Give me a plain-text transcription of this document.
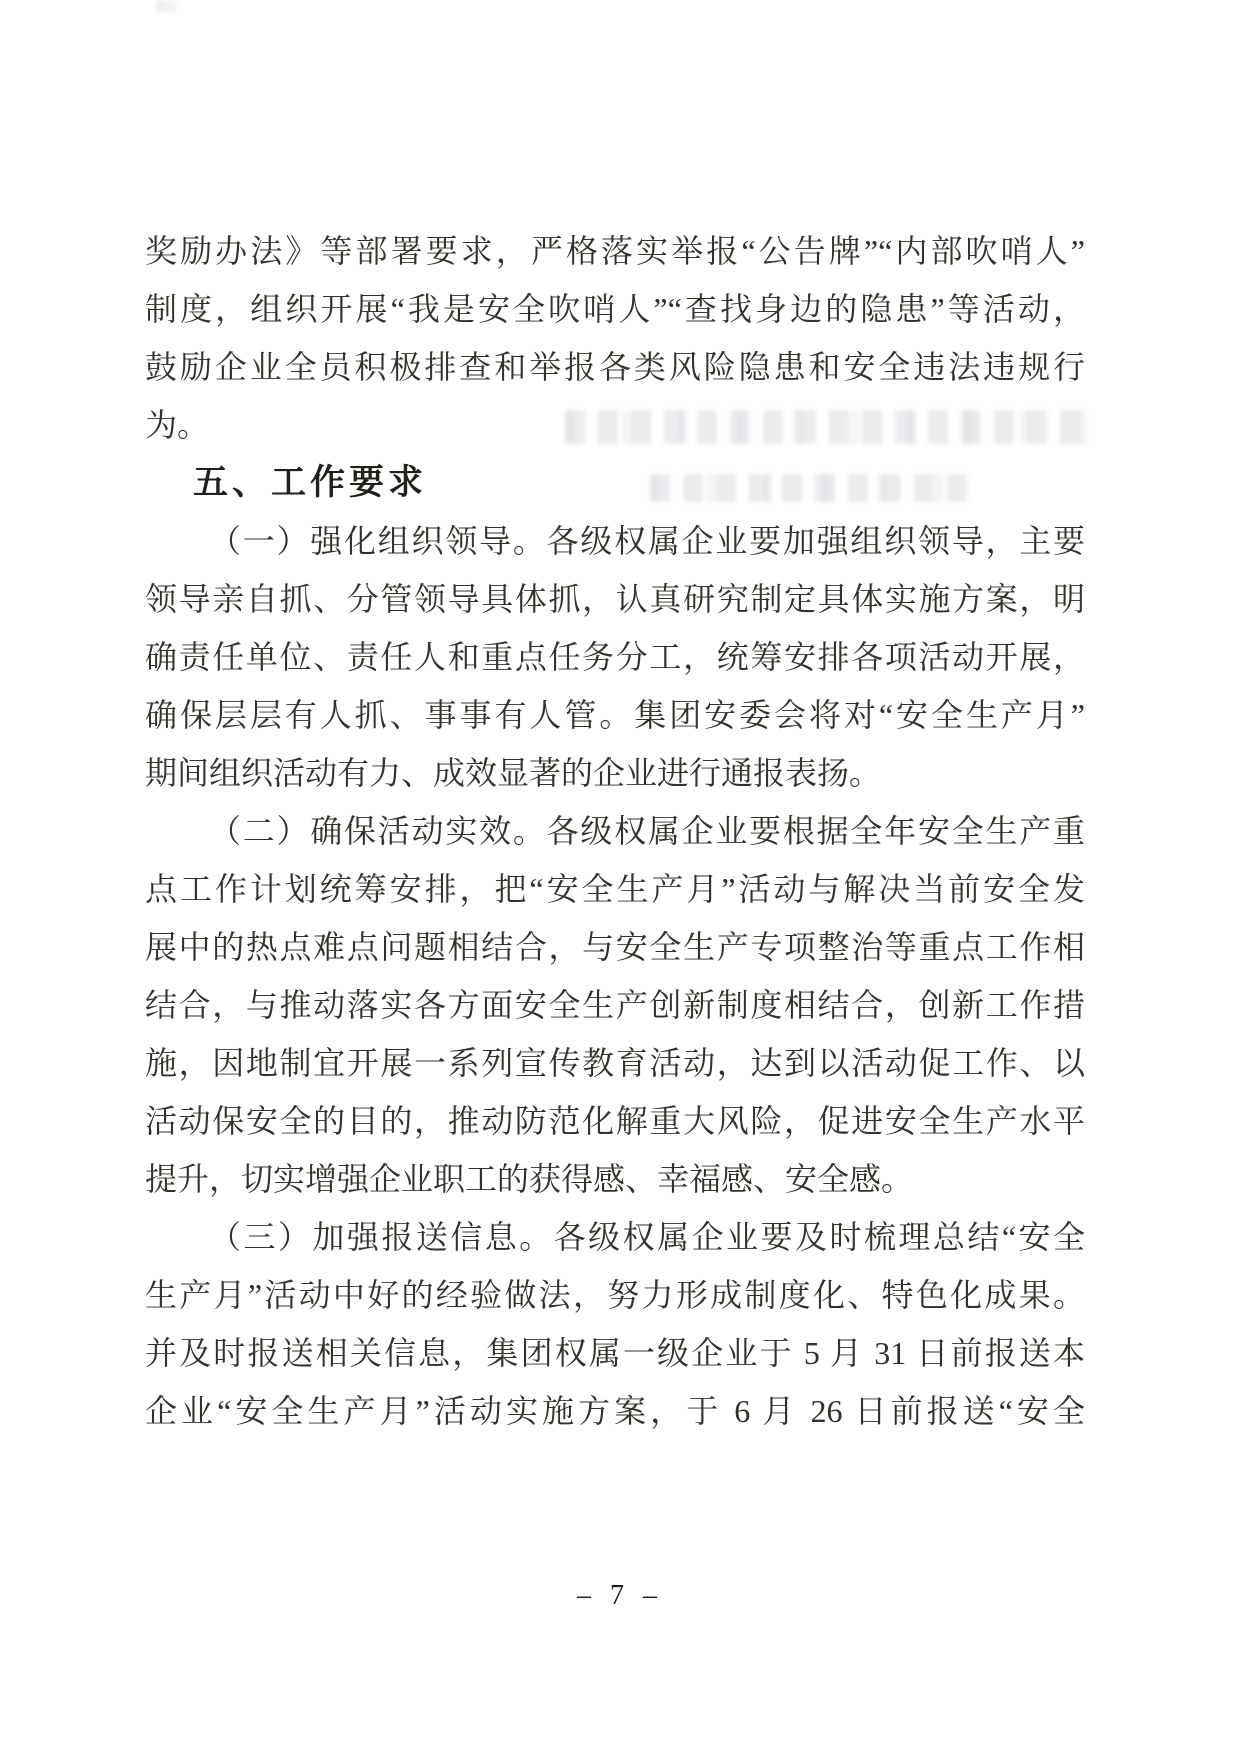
奖励办法》等部署要求，严格落实举报“公告牌”“内部吹哨人”
制度，组织开展“我是安全吹哨人”“查找身边的隐患”等活动，
鼓励企业全员积极排查和举报各类风险隐患和安全违法违规行
为。
五、工作要求
（一）强化组织领导。各级权属企业要加强组织领导，主要
领导亲自抓、分管领导具体抓，认真研究制定具体实施方案，明
确责任单位、责任人和重点任务分工，统筹安排各项活动开展，
确保层层有人抓、事事有人管。集团安委会将对“安全生产月”
期间组织活动有力、成效显著的企业进行通报表扬。
（二）确保活动实效。各级权属企业要根据全年安全生产重
点工作计划统筹安排，把“安全生产月”活动与解决当前安全发
展中的热点难点问题相结合，与安全生产专项整治等重点工作相
结合，与推动落实各方面安全生产创新制度相结合，创新工作措
施，因地制宜开展一系列宣传教育活动，达到以活动促工作、以
活动保安全的目的，推动防范化解重大风险，促进安全生产水平
提升，切实增强企业职工的获得感、幸福感、安全感。
（三）加强报送信息。各级权属企业要及时梳理总结“安全
生产月”活动中好的经验做法，努力形成制度化、特色化成果。
并及时报送相关信息，集团权属一级企业于 5 月 31 日前报送本
企业“安全生产月”活动实施方案，于 6 月 26 日前报送“安全
– 7 –
